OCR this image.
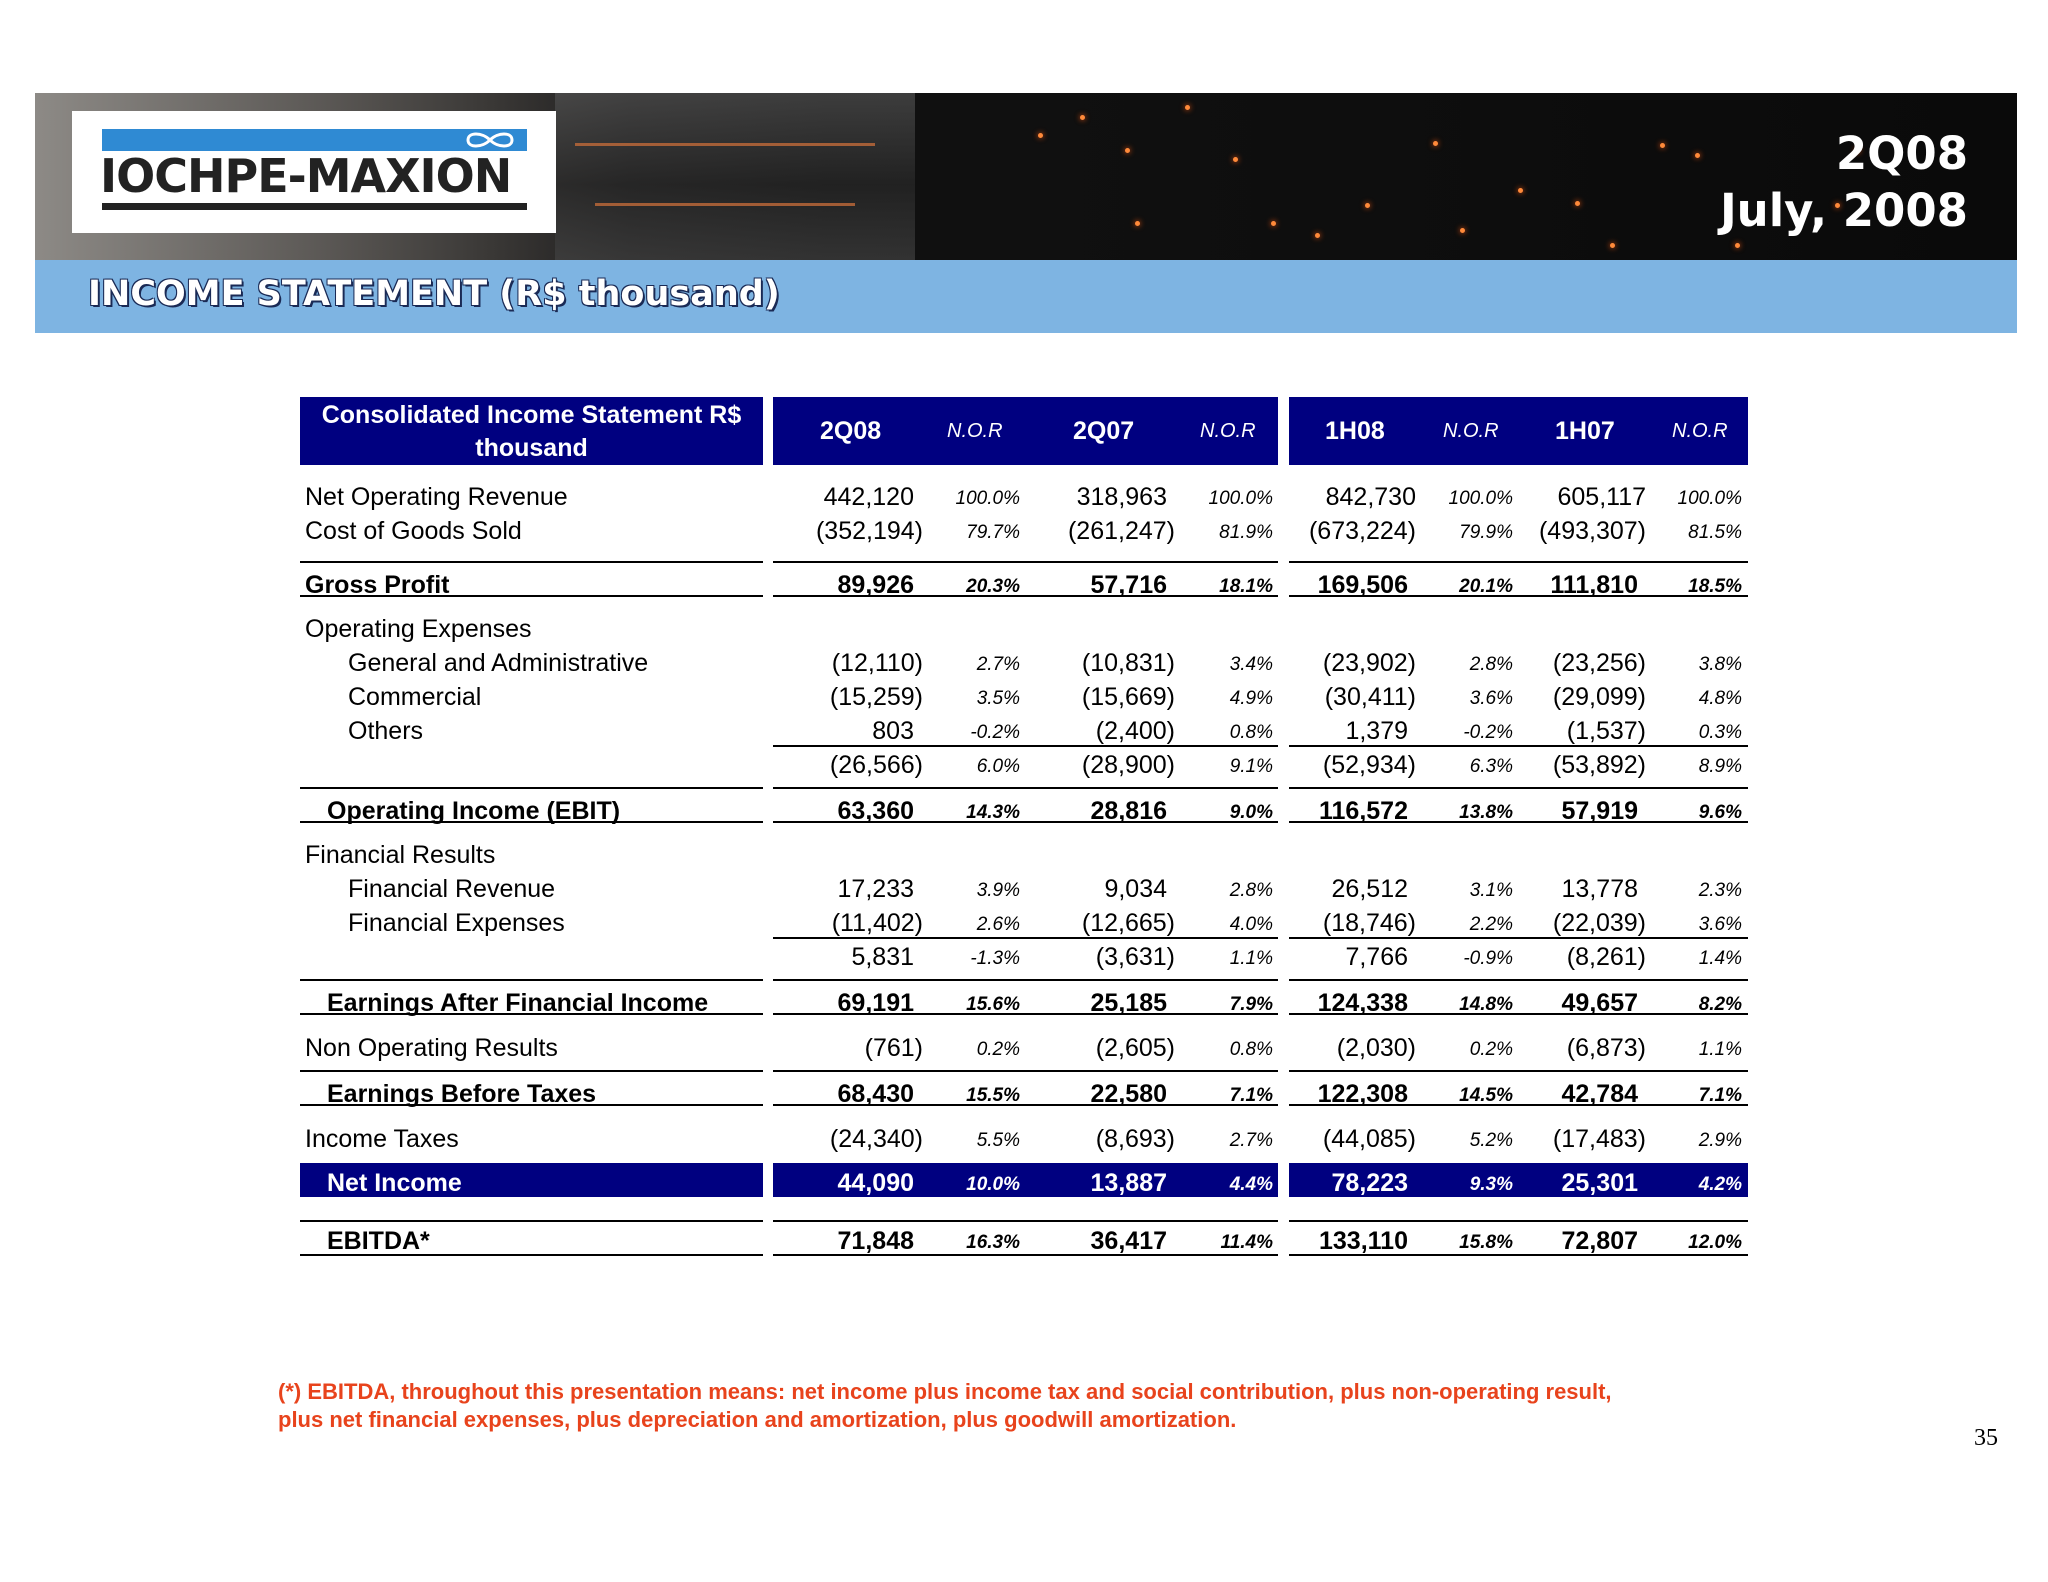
IOCHPE-MAXION	2Q08
July, 2008
INCOME STATEMENT (R$ thousand)
Consolidated Income Statement R$ thousand
2Q08	N.O.R	2Q07	N.O.R	1H08	N.O.R 1H07	N.O.R
Net Operating Revenue	442,120 100.0% 318,963 100.0% 842,730 100.0% 605,117 100.0%
Cost of Goods Sold	(352,194) 79.7% (261,247) 81.9% (673,224) 79.9% (493,307) 81.5%
Gross Profit	89,926	20.3%	57,716	18.1% 169,506	20.1% 111,810	18.5%
Operating Expenses
General and Administrative	(12,110)	2.7% (10,831)	3.4% (23,902)	2.8% (23,256)	3.8%
Commercial	(15,259)	3.5% (15,669)	4.9% (30,411)	3.6% (29,099)	4.8%
Others	803	-0.2%	(2,400)	0.8%	1,379	-0.2% (1,537)	0.3%
(26,566)	6.0% (28,900)	9.1% (52,934)	6.3% (53,892)	8.9%
Operating Income (EBIT)	63,360	14.3%	28,816	9.0% 116,572	13.8% 57,919	9.6%
Financial Results
Financial Revenue	17,233	3.9%	9,034	2.8% 26,512	3.1% 13,778	2.3%
Financial Expenses	(11,402)	2.6% (12,665)	4.0% (18,746)	2.2% (22,039)	3.6%
5,831	-1.3%	(3,631)	1.1%	7,766	-0.9% (8,261)	1.4%
Earnings After Financial Income	69,191	15.6%	25,185	7.9% 124,338	14.8% 49,657	8.2%
Non Operating Results	(761)	0.2%	(2,605)	0.8%	(2,030)	0.2% (6,873)	1.1%
Earnings Before Taxes	68,430	15.5%	22,580	7.1% 122,308	14.5% 42,784	7.1%
Income Taxes	(24,340)	5.5%	(8,693)	2.7% (44,085)	5.2% (17,483)	2.9%
Net Income	44,090	10.0%	13,887	4.4% 78,223	9.3% 25,301	4.2%
EBITDA*	71,848	16.3%	36,417	11.4% 133,110	15.8% 72,807	12.0%
(*) EBITDA, throughout this presentation means: net income plus income tax and social contribution, plus non-operating result, plus net financial expenses, plus depreciation and amortization, plus goodwill amortization.
35
